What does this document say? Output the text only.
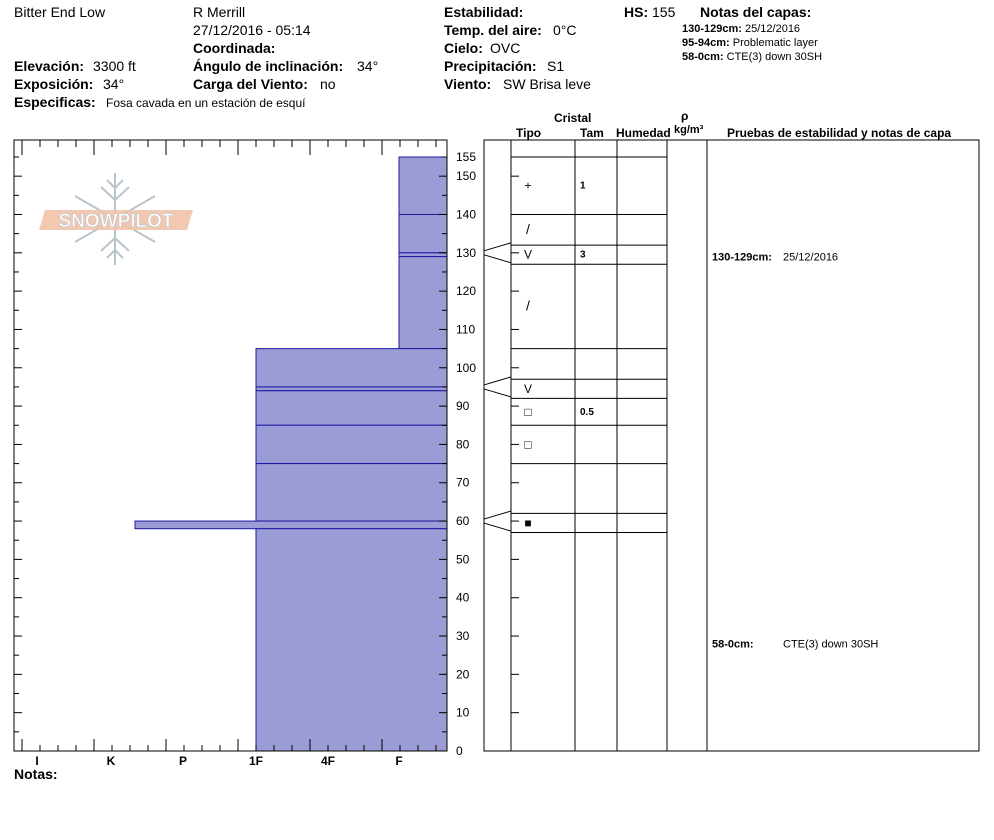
Bitter End Low	R Merrill
27/12/2016 - 05:14
Coordinada:
Elevación: 3300 ft
Exposición: 34°
Ángulo de inclinación: 34°
Carga del Viento: no
Especificas: Fosa cavada en un estación de esquí
Estabilidad:
Temp. del aire: 0°C
Cielo: OVC
Precipitación: S1
Viento: SW Brisa leve
HS: 155 Notas del capas:
130-129cm: 25/12/2016
95-94cm: Problematic layer
58-0cm: CTE(3) down 30SH
Cristal
Tipo	Tam Humedad
ρ
kg/m³ Pruebas de estabilidad y notas de capa
SNOWPILOT
I	K	P	1F	4F	F
0
10
20
30
40
50
60
70
80
90
100
110
120
130
140
150
155
+	1
/
V	3
/
V
□	0.5
□
■
130-129cm: 25/12/2016
58-0cm:	CTE(3) down 30SH
Notas:
